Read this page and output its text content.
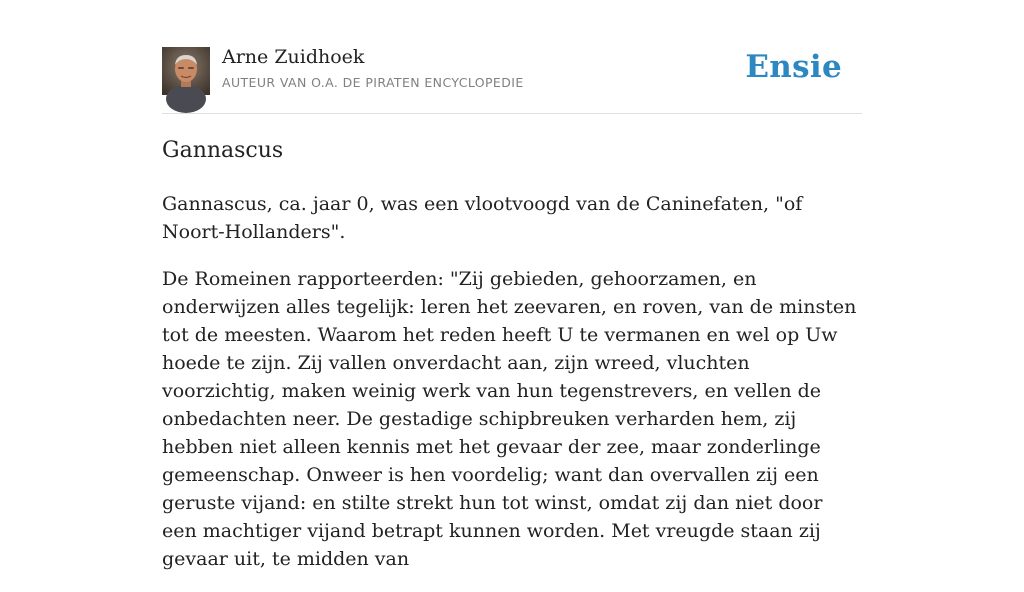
Arne Zuidhoek
AUTEUR VAN O.A. DE PIRATEN ENCYCLOPEDIE	Ensie
Gannascus

Gannascus, ca. jaar 0, was een vlootvoogd van de Caninefaten, "of Noort-Hollanders".

De Romeinen rapporteerden: "Zij gebieden, gehoorzamen, en onderwijzen alles tegelijk: leren het zeevaren, en roven, van de minsten tot de meesten. Waarom het reden heeft U te vermanen en wel op Uw hoede te zijn. Zij vallen onverdacht aan, zijn wreed, vluchten voorzichtig, maken weinig werk van hun tegenstrevers, en vellen de onbedachten neer. De gestadige schipbreuken verharden hem, zij hebben niet alleen kennis met het gevaar der zee, maar zonderlinge gemeenschap. Onweer is hen voordelig; want dan overvallen zij een geruste vijand: en stilte strekt hun tot winst, omdat zij dan niet door een machtiger vijand betrapt kunnen worden. Met vreugde staan zij gevaar uit, te midden van
